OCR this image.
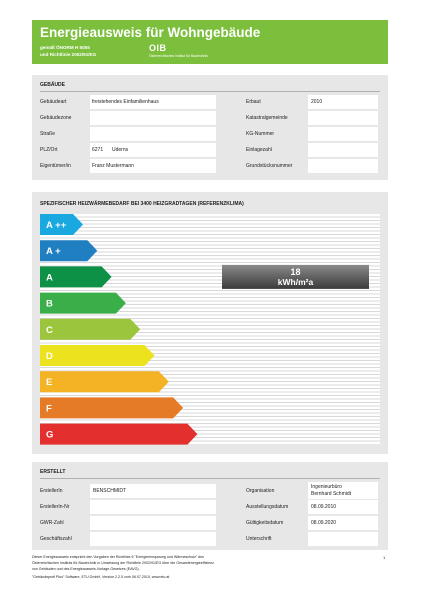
Energieausweis für Wohngebäude
gemäß ÖNORM H 5055
und Richtlinie 2002/91/EG
OIB
Österreichisches Institut für Bautechnik
GEBÄUDE
Gebäudeart	freistehendes Einfamilienhaus
Gebäudezone
Straße
PLZ/Ort	6271 Uderns
Eigentümer/in	Franz Mustermann
Erbaut	2010
Katastralgemeinde
KG-Nummer
Einlagezahl
Grundstücksnummer
SPEZIFISCHER HEIZWÄRMEBEDARF BEI 3400 HEIZGRADTAGEN (REFERENZKLIMA)
A ++
A +
A
B
C
D
E
F
G
18
kWh/m²a
ERSTELLT
ErstellerIn	BENSCHMIDT
ErstellerIn-Nr
GWR-Zahl
Geschäftszahl
Organisation
Ingenieurbüro
Bernhard Schmidt
Ausstellungsdatum	08.09.2010
Gültigkeitsdatum	08.09.2020
Unterschrift
Dieser Energieausweis entspricht den Vorgaben der Richtlinie 6 "Energieeinsparung und Wärmeschutz" des
Österreichischen Instituts für Bautechnik in Umsetzung der Richtlinie 2002/91/EG über die Gesamtenergieeffizienz
von Gebäuden und des Energieausweis-Vorlage-Gesetzes (EAVG).
"Gebäudeprofi Plus" Software, ETU GmbH, Version 2.2.5 vom 06.07.2010, www.etu.at
1
